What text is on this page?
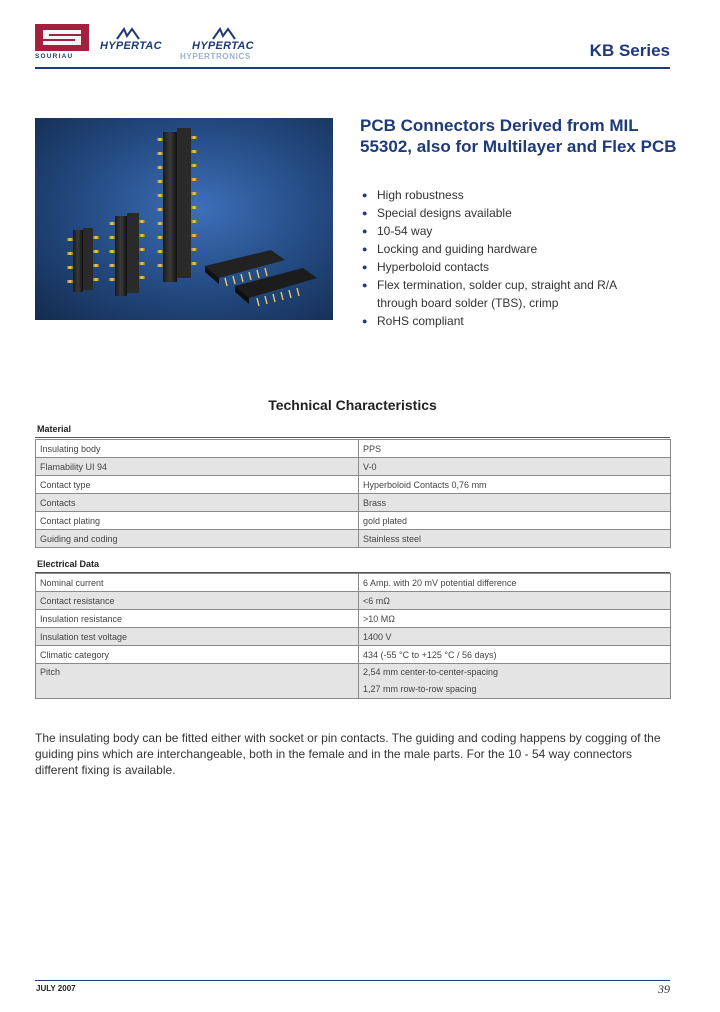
SOURIAU
HYPERTAC	HYPERTAC
HYPERTRONICS	KB Series
PCB Connectors Derived from MIL 55302, also for Multilayer and Flex PCB
● High robustness
● Special designs available
● 10-54 way
● Locking and guiding hardware
● Hyperboloid contacts
● Flex termination, solder cup, straight and R/A through board solder (TBS), crimp
● RoHS compliant
Technical Characteristics
Material
Insulating body	PPS
Flamability UI 94	V-0
Contact type	Hyperboloid Contacts 0,76 mm
Contacts	Brass
Contact plating	gold plated
Guiding and coding	Stainless steel
Electrical Data
Nominal current	6 Amp. with 20 mV potential difference
Contact resistance	<6 mΩ
Insulation resistance	>10 MΩ
Insulation test voltage	1400 V
Climatic category	434 (-55 °C to +125 °C / 56 days)

Pitch	2,54 mm center-to-center-spacing
1,27 mm row-to-row spacing
The insulating body can be fitted either with socket or pin contacts. The guiding and coding happens by cogging of the guiding pins which are interchangeable, both in the female and in the male parts. For the 10 - 54 way connectors different fixing is available.
JULY 2007	39
